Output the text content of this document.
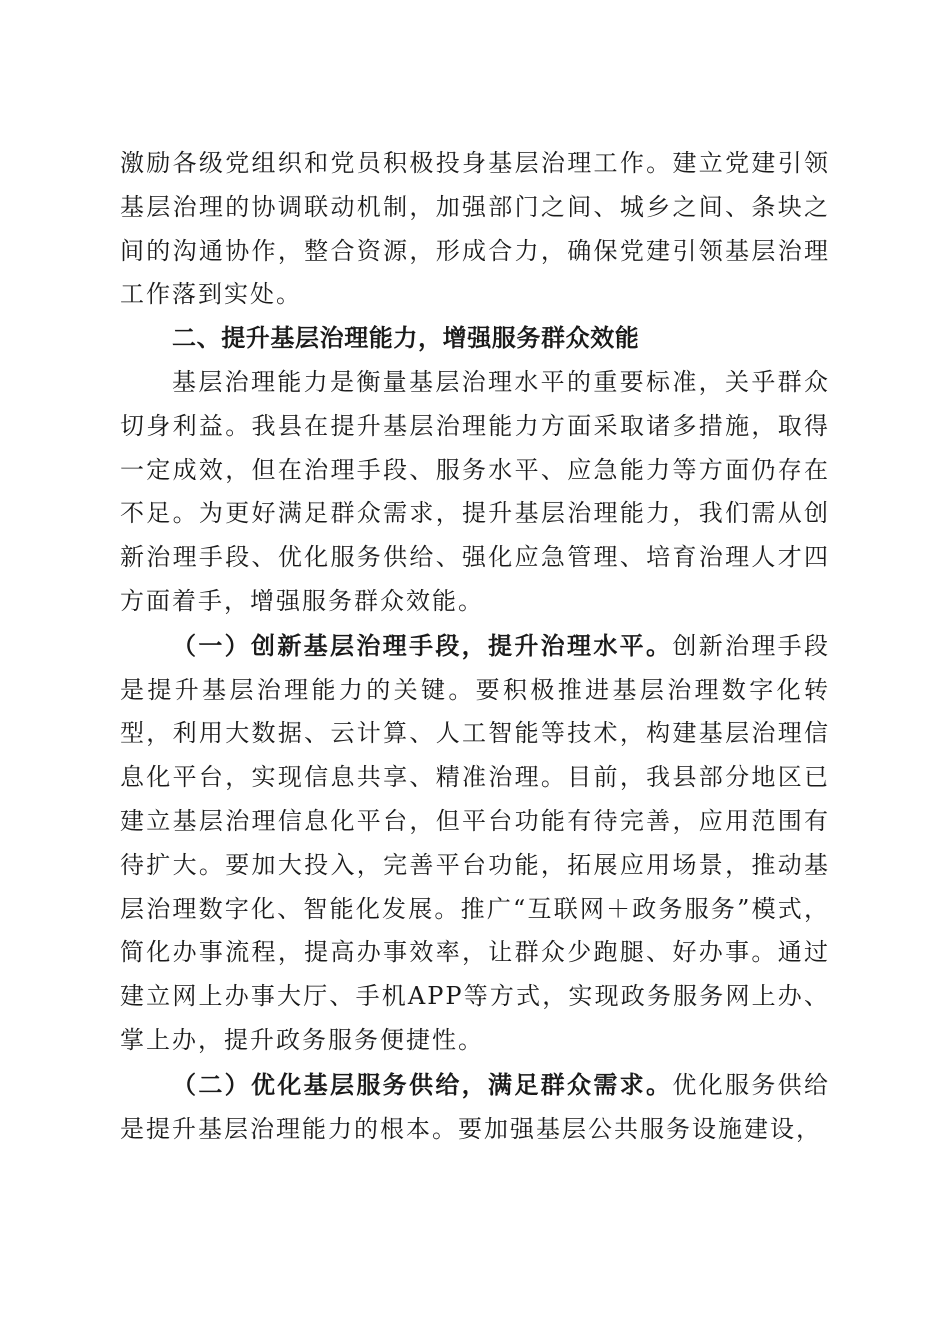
激励各级党组织和党员积极投身基层治理工作。建立党建引领基层治理的协调联动机制，加强部门之间、城乡之间、条块之间的沟通协作，整合资源，形成合力，确保党建引领基层治理工作落到实处。

二、提升基层治理能力，增强服务群众效能

基层治理能力是衡量基层治理水平的重要标准，关乎群众切身利益。我县在提升基层治理能力方面采取诸多措施，取得一定成效，但在治理手段、服务水平、应急能力等方面仍存在不足。为更好满足群众需求，提升基层治理能力，我们需从创新治理手段、优化服务供给、强化应急管理、培育治理人才四方面着手，增强服务群众效能。

（一）创新基层治理手段，提升治理水平。创新治理手段是提升基层治理能力的关键。要积极推进基层治理数字化转型，利用大数据、云计算、人工智能等技术，构建基层治理信息化平台，实现信息共享、精准治理。目前，我县部分地区已建立基层治理信息化平台，但平台功能有待完善，应用范围有待扩大。要加大投入，完善平台功能，拓展应用场景，推动基层治理数字化、智能化发展。推广“互联网＋政务服务”模式，简化办事流程，提高办事效率，让群众少跑腿、好办事。通过建立网上办事大厅、手机APP等方式，实现政务服务网上办、掌上办，提升政务服务便捷性。

（二）优化基层服务供给，满足群众需求。优化服务供给是提升基层治理能力的根本。要加强基层公共服务设施建设，
